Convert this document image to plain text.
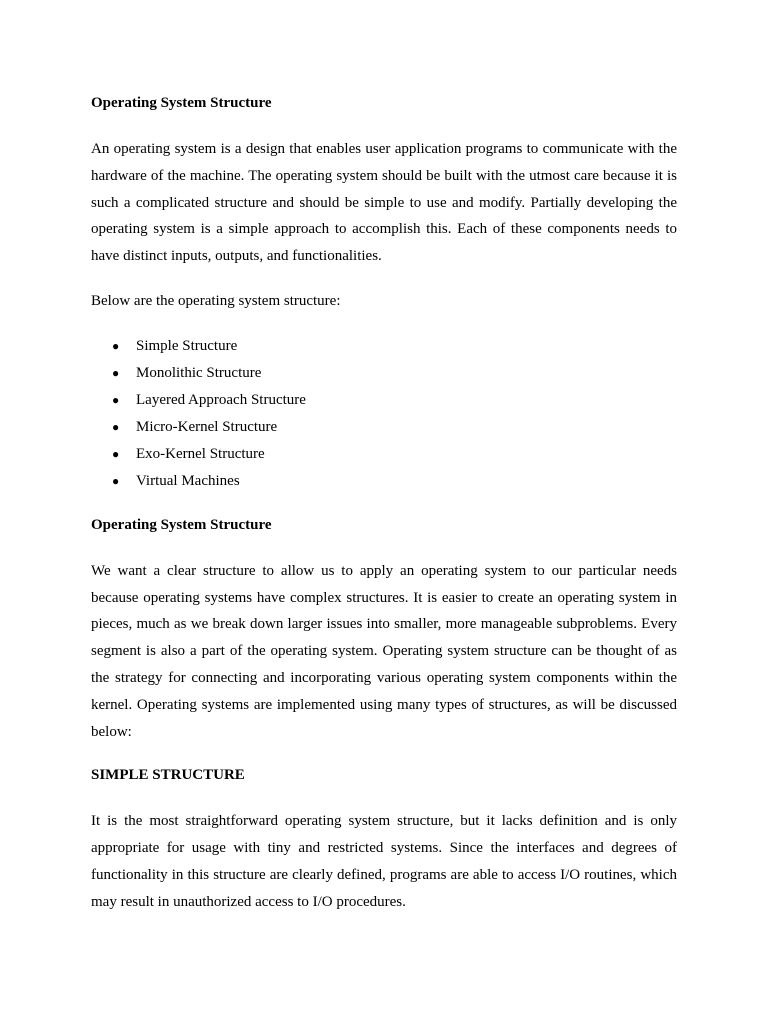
Operating System Structure

An operating system is a design that enables user application programs to communicate with the hardware of the machine. The operating system should be built with the utmost care because it is such a complicated structure and should be simple to use and modify. Partially developing the operating system is a simple approach to accomplish this. Each of these components needs to have distinct inputs, outputs, and functionalities.

Below are the operating system structure:

● Simple Structure
● Monolithic Structure
● Layered Approach Structure
● Micro-Kernel Structure
● Exo-Kernel Structure
● Virtual Machines
Operating System Structure

We want a clear structure to allow us to apply an operating system to our particular needs because operating systems have complex structures. It is easier to create an operating system in pieces, much as we break down larger issues into smaller, more manageable subproblems. Every segment is also a part of the operating system. Operating system structure can be thought of as the strategy for connecting and incorporating various operating system components within the kernel. Operating systems are implemented using many types of structures, as will be discussed below:

SIMPLE STRUCTURE

It is the most straightforward operating system structure, but it lacks definition and is only appropriate for usage with tiny and restricted systems. Since the interfaces and degrees of functionality in this structure are clearly defined, programs are able to access I/O routines, which may result in unauthorized access to I/O procedures.
